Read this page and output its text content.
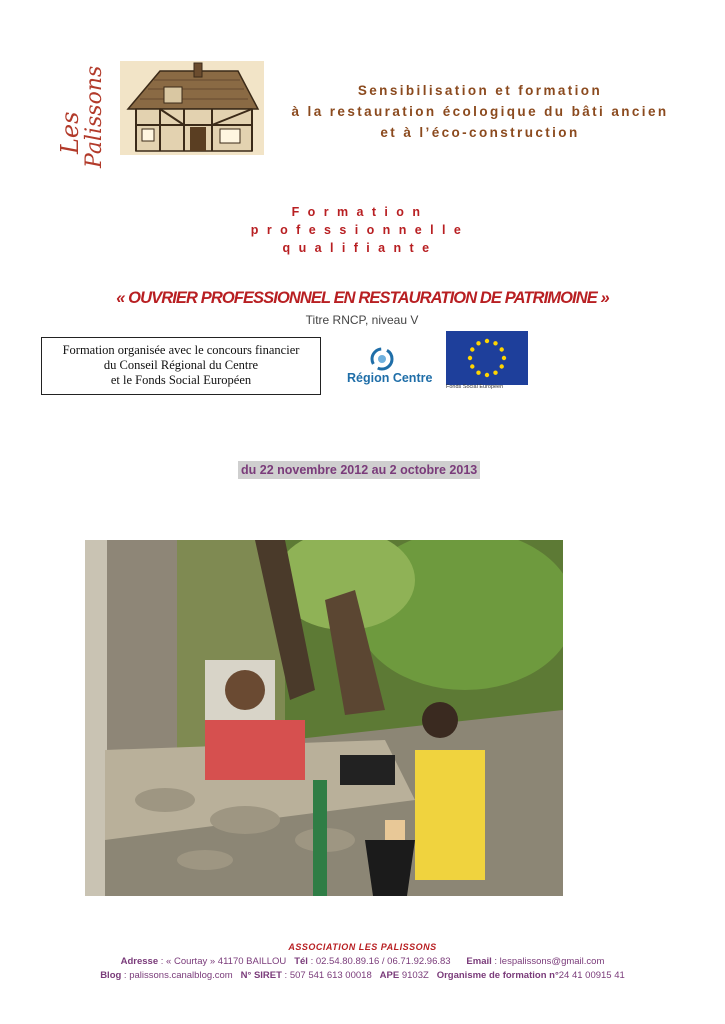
Les
Palissons	Sensibilisation et formation
à la restauration écologique du bâti ancien
et à l’éco-construction
Formation
professionnelle
qualifiante
« OUVRIER PROFESSIONNEL EN RESTAURATION DE PATRIMOINE »
Titre RNCP, niveau V
Formation organisée avec le concours financier
du Conseil Régional du Centre
et le Fonds Social Européen	Région Centre
Fonds Social Européen
du 22 novembre 2012 au 2 octobre 2013
ASSOCIATION LES PALISSONS
Adresse : « Courtay » 41170 BAILLOU Tél : 02.54.80.89.16 / 06.71.92.96.83 Email : lespalissons@gmail.com
Blog : palissons.canalblog.com N° SIRET : 507 541 613 00018 APE 9103Z Organisme de formation n°24 41 00915 41
